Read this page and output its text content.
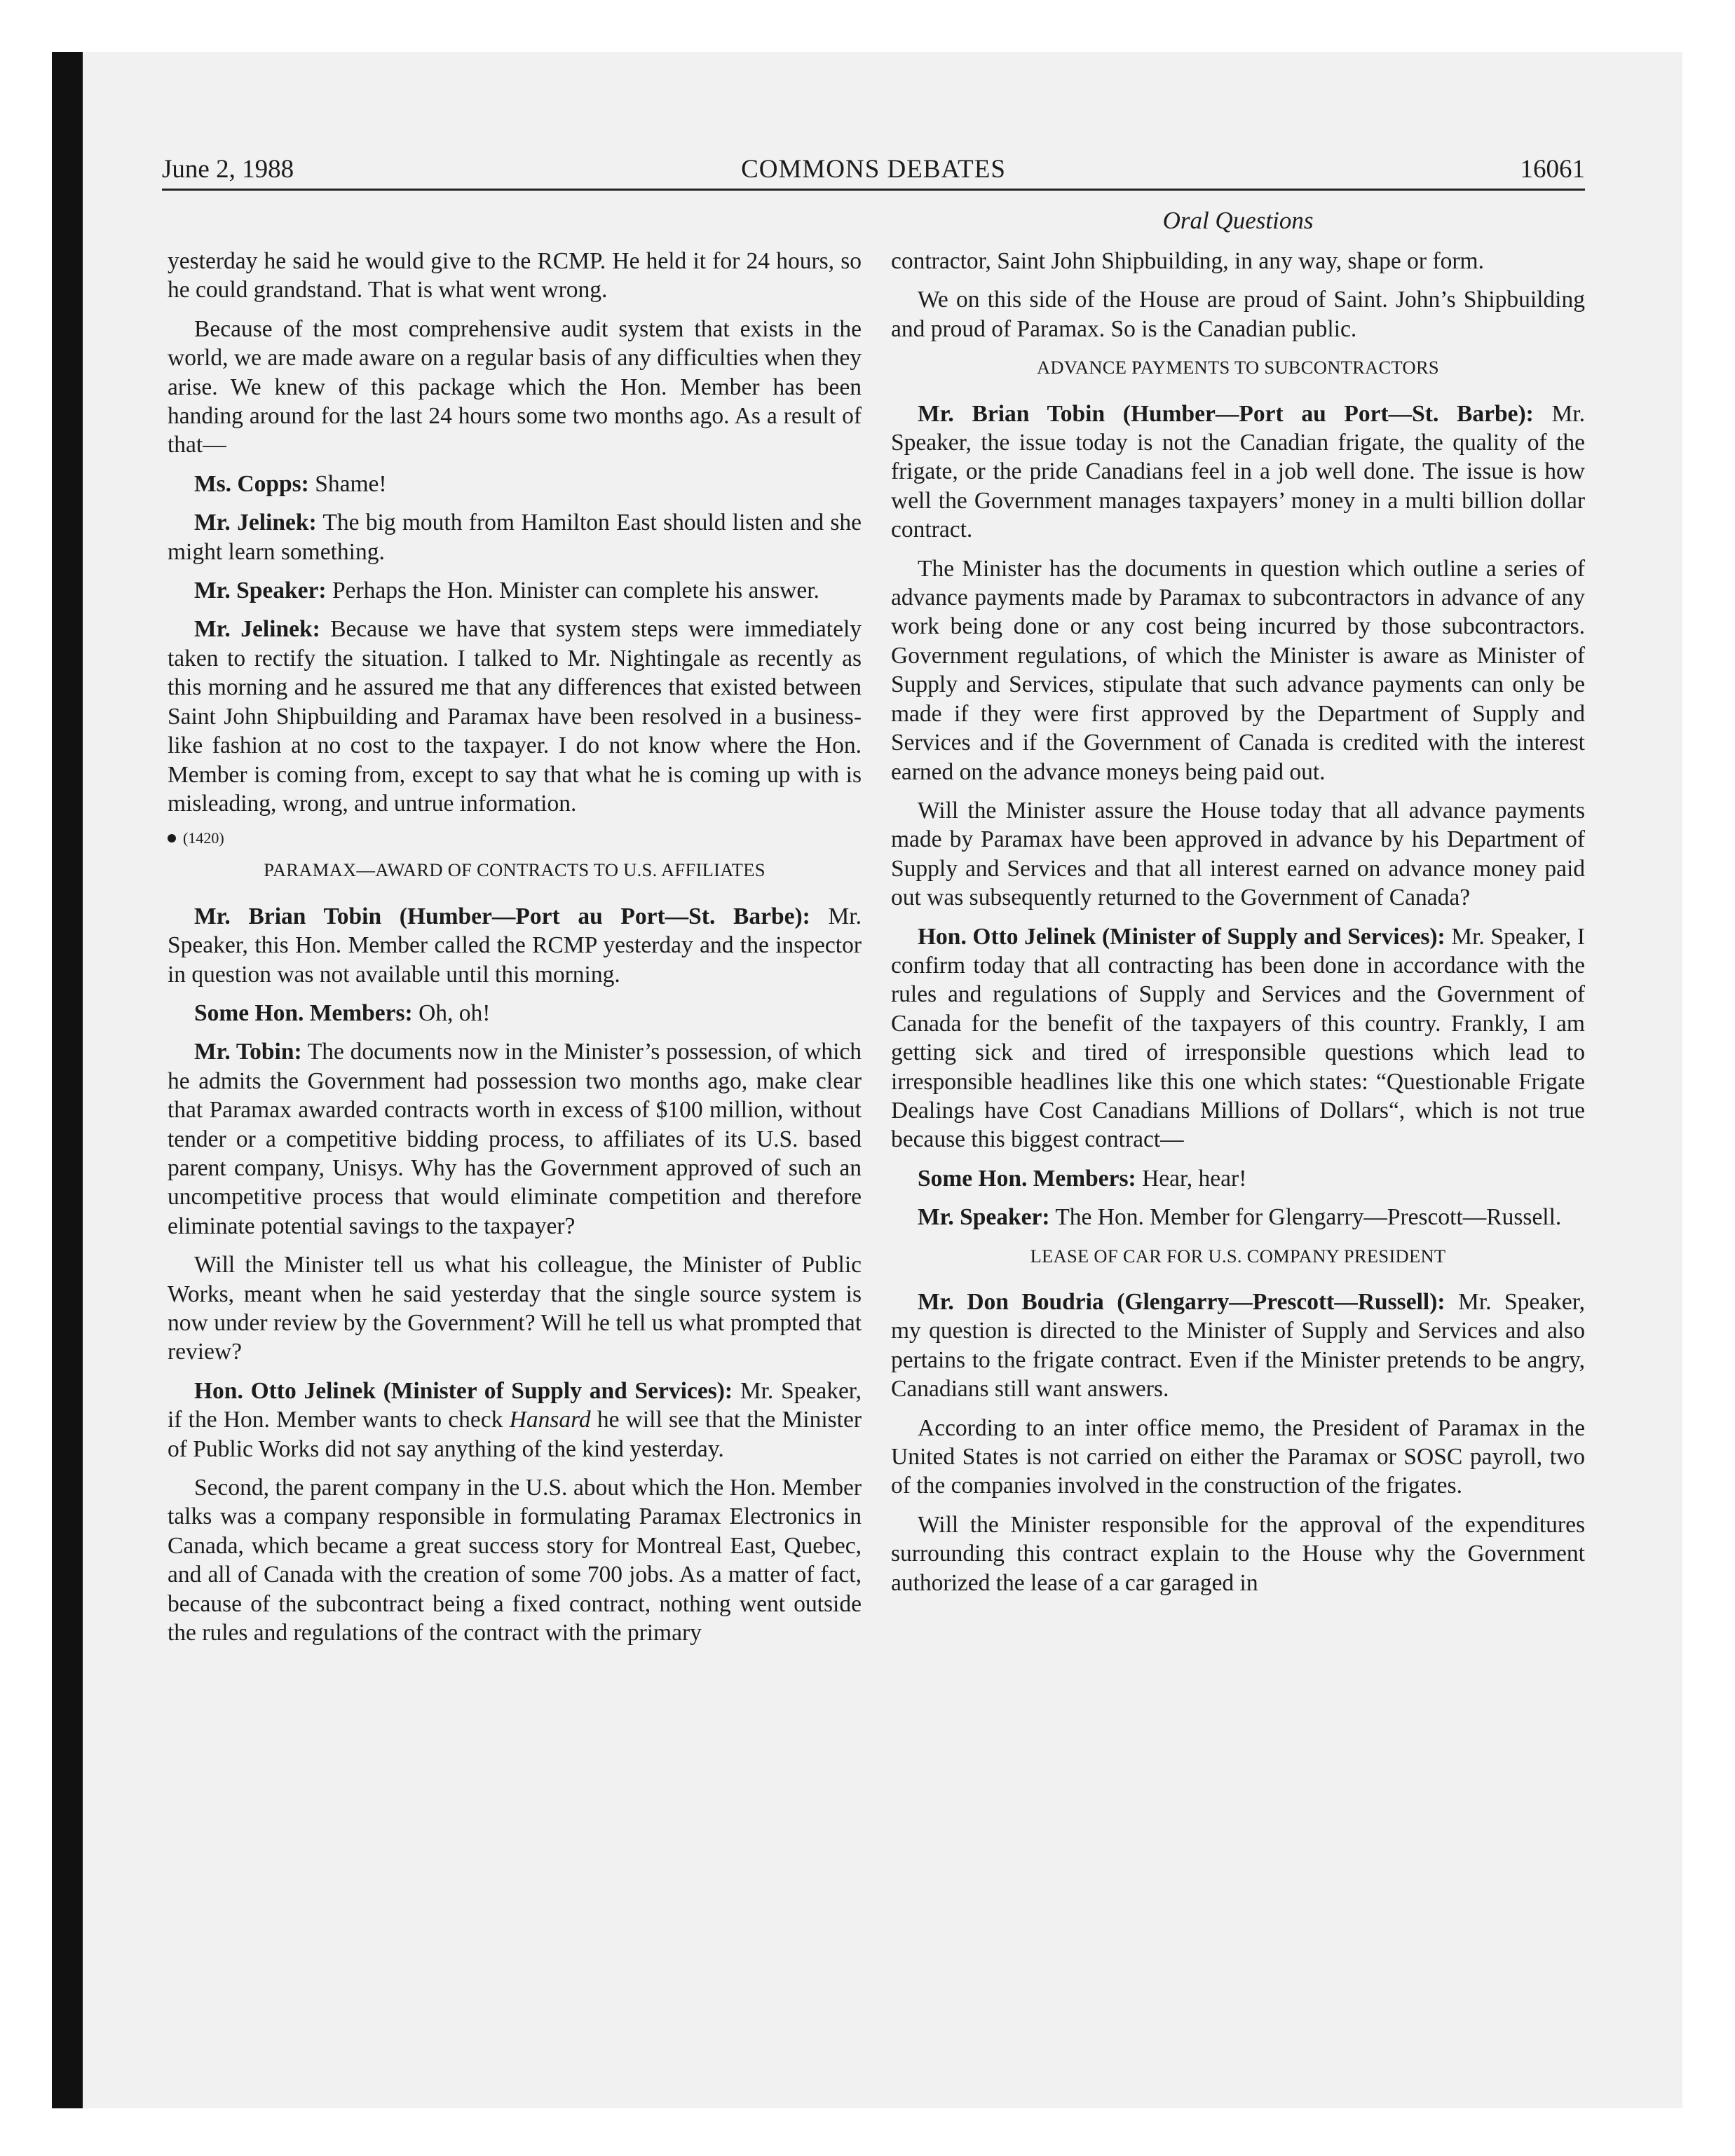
June 2, 1988	COMMONS DEBATES	16061
Oral Questions

yesterday he said he would give to the RCMP. He held it for 24 hours, so he could grandstand. That is what went wrong.

Because of the most comprehensive audit system that exists in the world, we are made aware on a regular basis of any difficulties when they arise. We knew of this package which the Hon. Member has been handing around for the last 24 hours some two months ago. As a result of that—

Ms. Copps: Shame!

Mr. Jelinek: The big mouth from Hamilton East should listen and she might learn something.

Mr. Speaker: Perhaps the Hon. Minister can complete his answer.

Mr. Jelinek: Because we have that system steps were immediately taken to rectify the situation. I talked to Mr. Nightingale as recently as this morning and he assured me that any differences that existed between Saint John Shipbuilding and Paramax have been resolved in a business-like fashion at no cost to the taxpayer. I do not know where the Hon. Member is coming from, except to say that what he is coming up with is misleading, wrong, and untrue information.

(1420)

PARAMAX—AWARD OF CONTRACTS TO U.S. AFFILIATES

Mr. Brian Tobin (Humber—Port au Port—St. Barbe): Mr. Speaker, this Hon. Member called the RCMP yesterday and the inspector in question was not available until this morning.

Some Hon. Members: Oh, oh!

Mr. Tobin: The documents now in the Minister’s possession, of which he admits the Government had possession two months ago, make clear that Paramax awarded contracts worth in excess of $100 million, without tender or a competitive bidding process, to affiliates of its U.S. based parent company, Unisys. Why has the Government approved of such an uncompetitive process that would eliminate competition and therefore eliminate potential savings to the taxpayer?

Will the Minister tell us what his colleague, the Minister of Public Works, meant when he said yesterday that the single source system is now under review by the Government? Will he tell us what prompted that review?

Hon. Otto Jelinek (Minister of Supply and Services): Mr. Speaker, if the Hon. Member wants to check Hansard he will see that the Minister of Public Works did not say anything of the kind yesterday.

Second, the parent company in the U.S. about which the Hon. Member talks was a company responsible in formulating Paramax Electronics in Canada, which became a great success story for Montreal East, Quebec, and all of Canada with the creation of some 700 jobs. As a matter of fact, because of the subcontract being a fixed contract, nothing went outside the rules and regulations of the contract with the primary

contractor, Saint John Shipbuilding, in any way, shape or form.

We on this side of the House are proud of Saint. John’s Shipbuilding and proud of Paramax. So is the Canadian public.

ADVANCE PAYMENTS TO SUBCONTRACTORS

Mr. Brian Tobin (Humber—Port au Port—St. Barbe): Mr. Speaker, the issue today is not the Canadian frigate, the quality of the frigate, or the pride Canadians feel in a job well done. The issue is how well the Government manages taxpayers’ money in a multi billion dollar contract.

The Minister has the documents in question which outline a series of advance payments made by Paramax to subcontractors in advance of any work being done or any cost being incurred by those subcontractors. Government regulations, of which the Minister is aware as Minister of Supply and Services, stipulate that such advance payments can only be made if they were first approved by the Department of Supply and Services and if the Government of Canada is credited with the interest earned on the advance moneys being paid out.

Will the Minister assure the House today that all advance payments made by Paramax have been approved in advance by his Department of Supply and Services and that all interest earned on advance money paid out was subsequently returned to the Government of Canada?

Hon. Otto Jelinek (Minister of Supply and Services): Mr. Speaker, I confirm today that all contracting has been done in accordance with the rules and regulations of Supply and Services and the Government of Canada for the benefit of the taxpayers of this country. Frankly, I am getting sick and tired of irresponsible questions which lead to irresponsible headlines like this one which states: “Questionable Frigate Dealings have Cost Canadians Millions of Dollars“, which is not true because this biggest contract—

Some Hon. Members: Hear, hear!

Mr. Speaker: The Hon. Member for Glengarry—Prescott—Russell.

LEASE OF CAR FOR U.S. COMPANY PRESIDENT

Mr. Don Boudria (Glengarry—Prescott—Russell): Mr. Speaker, my question is directed to the Minister of Supply and Services and also pertains to the frigate contract. Even if the Minister pretends to be angry, Canadians still want answers.

According to an inter office memo, the President of Paramax in the United States is not carried on either the Paramax or SOSC payroll, two of the companies involved in the construction of the frigates.

Will the Minister responsible for the approval of the expenditures surrounding this contract explain to the House why the Government authorized the lease of a car garaged in
